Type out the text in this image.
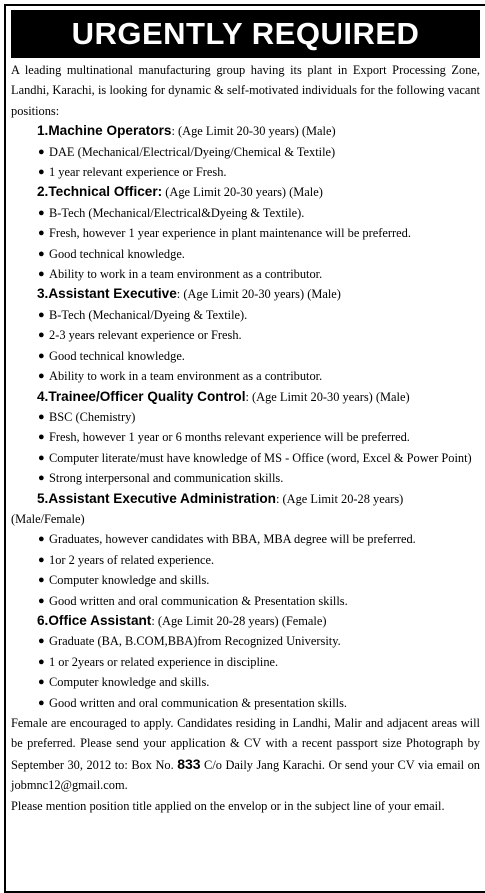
URGENTLY REQUIRED

A leading multinational manufacturing group having its plant in Export Processing Zone, Landhi, Karachi, is looking for dynamic & self-motivated individuals for the following vacant positions:

1.Machine Operators: (Age Limit 20-30 years) (Male)

● DAE (Mechanical/Electrical/Dyeing/Chemical & Textile)
● 1 year relevant experience or Fresh.

2.Technical Officer: (Age Limit 20-30 years) (Male)

● B-Tech (Mechanical/Electrical&Dyeing & Textile).
● Fresh, however 1 year experience in plant maintenance will be preferred.
● Good technical knowledge.
● Ability to work in a team environment as a contributor.

3.Assistant Executive: (Age Limit 20-30 years) (Male)

● B-Tech (Mechanical/Dyeing & Textile).
● 2-3 years relevant experience or Fresh.
● Good technical knowledge.
● Ability to work in a team environment as a contributor.

4.Trainee/Officer Quality Control: (Age Limit 20-30 years) (Male)

● BSC (Chemistry)
● Fresh, however 1 year or 6 months relevant experience will be preferred.
● Computer literate/must have knowledge of MS - Office (word, Excel & Power Point)
● Strong interpersonal and communication skills.

5.Assistant Executive Administration: (Age Limit 20-28 years) (Male/Female)

● Graduates, however candidates with BBA, MBA degree will be preferred.
● 1or 2 years of related experience.
● Computer knowledge and skills.
● Good written and oral communication & Presentation skills.

6.Office Assistant: (Age Limit 20-28 years) (Female)

● Graduate (BA, B.COM,BBA)from Recognized University.
● 1 or 2years or related experience in discipline.
● Computer knowledge and skills.
● Good written and oral communication & presentation skills.

Female are encouraged to apply. Candidates residing in Landhi, Malir and adjacent areas will be preferred. Please send your application & CV with a recent passport size Photograph by September 30, 2012 to: Box No. 833 C/o Daily Jang Karachi. Or send your CV via email on jobmnc12@gmail.com.

Please mention position title applied on the envelop or in the subject line of your email.
